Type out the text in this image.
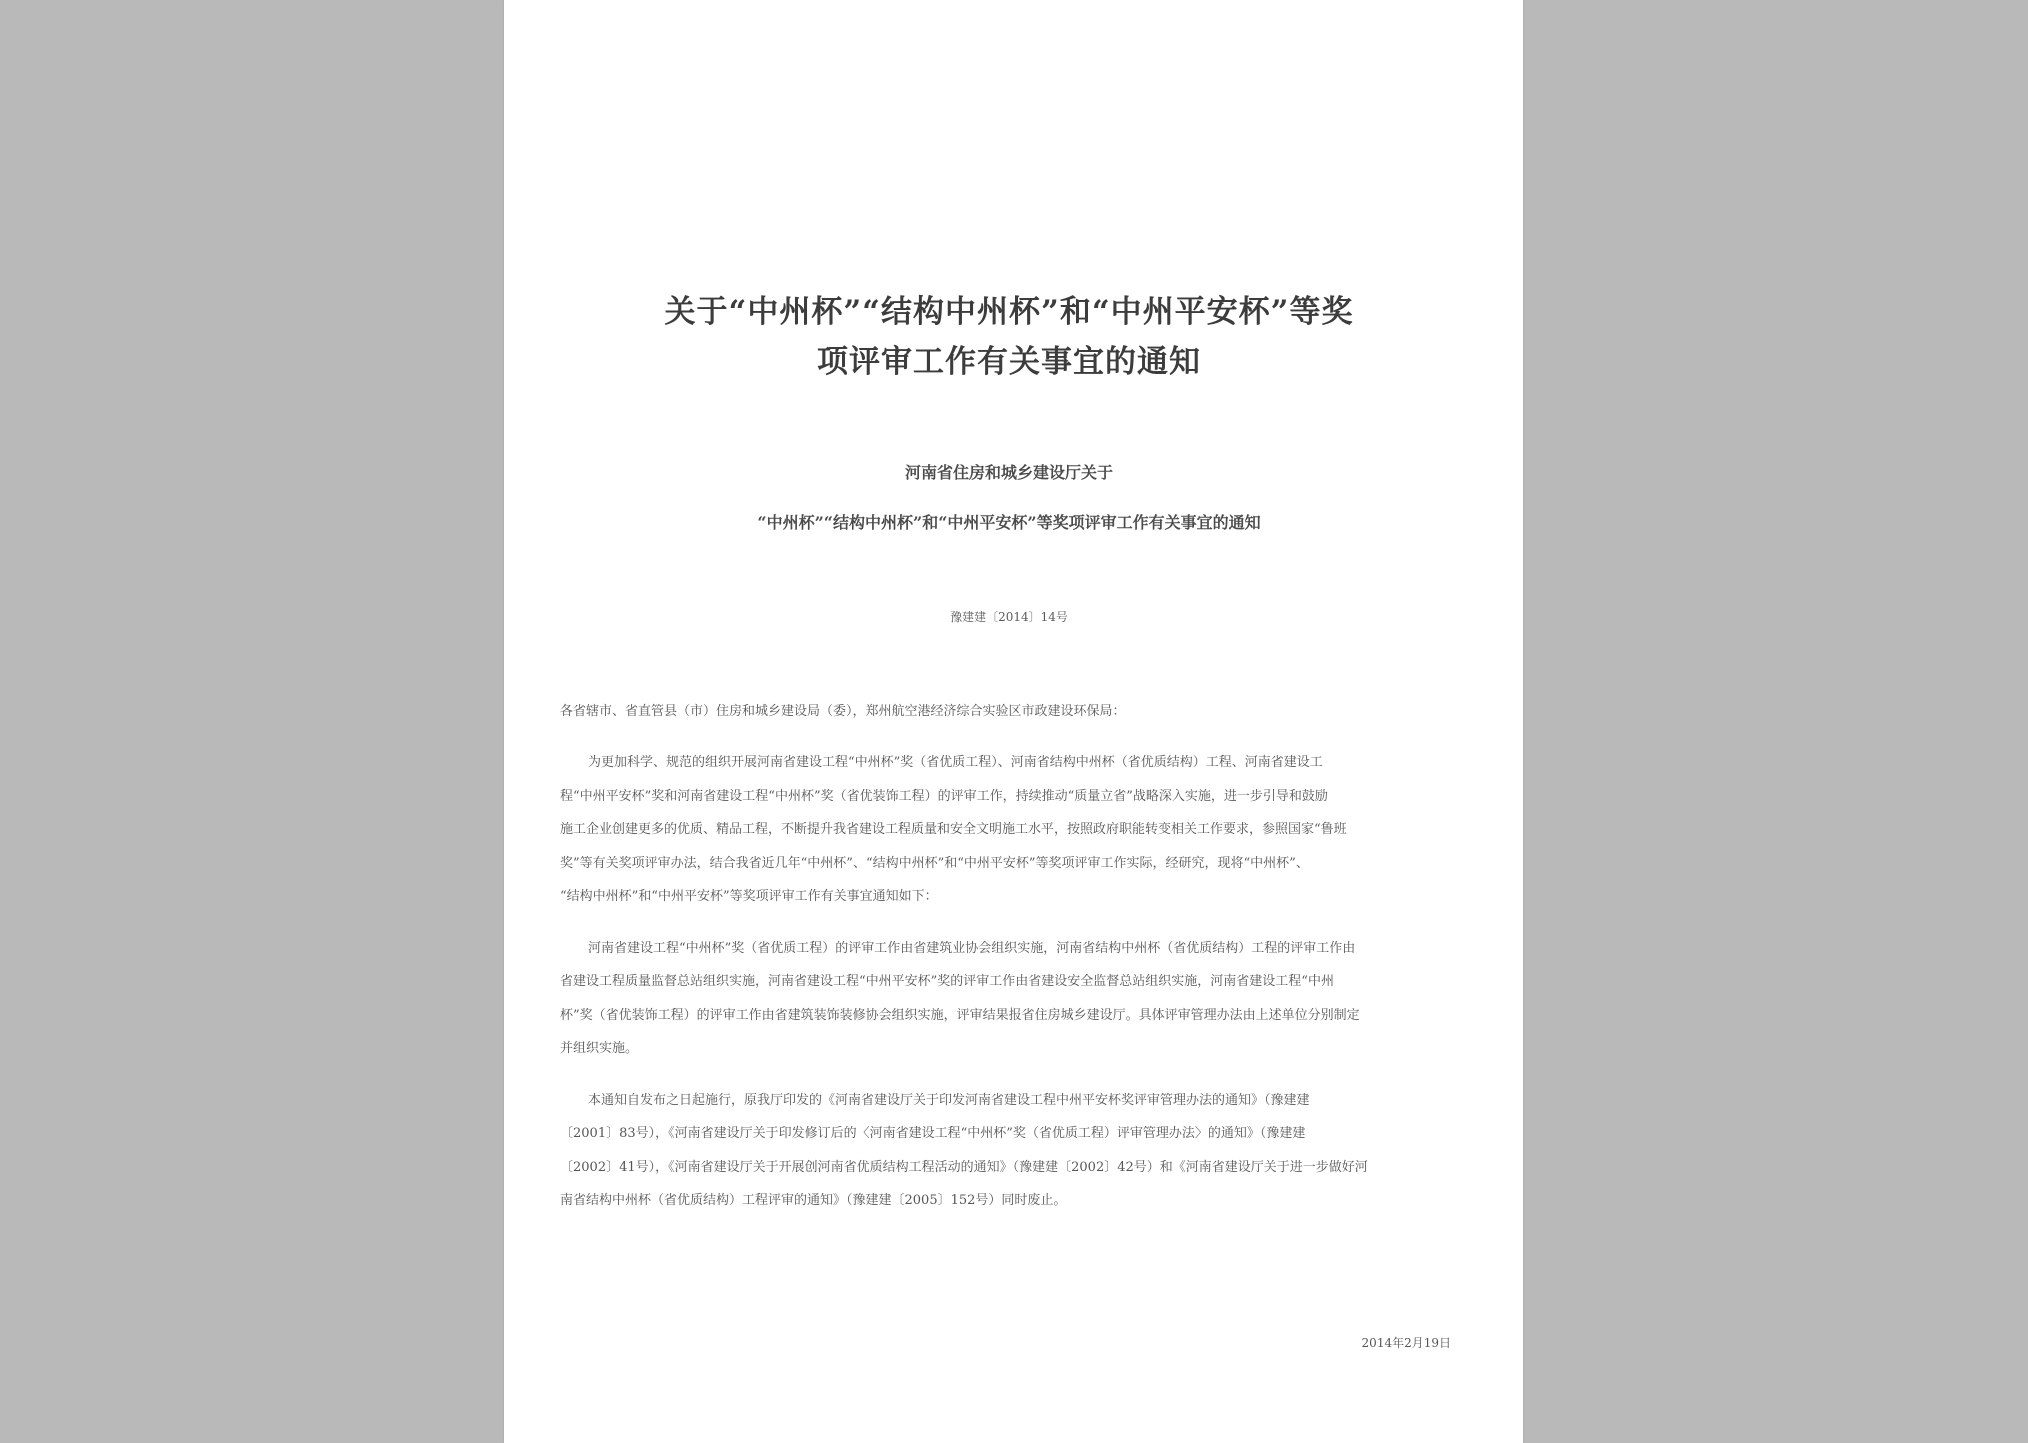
关于“中州杯”“结构中州杯”和“中州平安杯”等奖
项评审工作有关事宜的通知
河南省住房和城乡建设厅关于
“中州杯”“结构中州杯”和“中州平安杯”等奖项评审工作有关事宜的通知
豫建建〔2014〕14号
各省辖市、省直管县（市）住房和城乡建设局（委），郑州航空港经济综合实验区市政建设环保局：
为更加科学、规范的组织开展河南省建设工程“中州杯”奖（省优质工程）、河南省结构中州杯（省优质结构）工程、河南省建设工
程“中州平安杯”奖和河南省建设工程“中州杯”奖（省优装饰工程）的评审工作，持续推动“质量立省”战略深入实施，进一步引导和鼓励
施工企业创建更多的优质、精品工程，不断提升我省建设工程质量和安全文明施工水平，按照政府职能转变相关工作要求，参照国家“鲁班
奖”等有关奖项评审办法，结合我省近几年“中州杯”、“结构中州杯”和“中州平安杯”等奖项评审工作实际，经研究，现将“中州杯”、
“结构中州杯”和“中州平安杯”等奖项评审工作有关事宜通知如下：
河南省建设工程“中州杯”奖（省优质工程）的评审工作由省建筑业协会组织实施，河南省结构中州杯（省优质结构）工程的评审工作由
省建设工程质量监督总站组织实施，河南省建设工程“中州平安杯”奖的评审工作由省建设安全监督总站组织实施，河南省建设工程“中州
杯”奖（省优装饰工程）的评审工作由省建筑装饰装修协会组织实施，评审结果报省住房城乡建设厅。具体评审管理办法由上述单位分别制定
并组织实施。
本通知自发布之日起施行，原我厅印发的《河南省建设厅关于印发河南省建设工程中州平安杯奖评审管理办法的通知》（豫建建
〔2001〕83号），《河南省建设厅关于印发修订后的〈河南省建设工程“中州杯”奖（省优质工程）评审管理办法〉的通知》（豫建建
〔2002〕41号），《河南省建设厅关于开展创河南省优质结构工程活动的通知》（豫建建〔2002〕42号）和《河南省建设厅关于进一步做好河
南省结构中州杯（省优质结构）工程评审的通知》（豫建建〔2005〕152号）同时废止。
2014年2月19日
